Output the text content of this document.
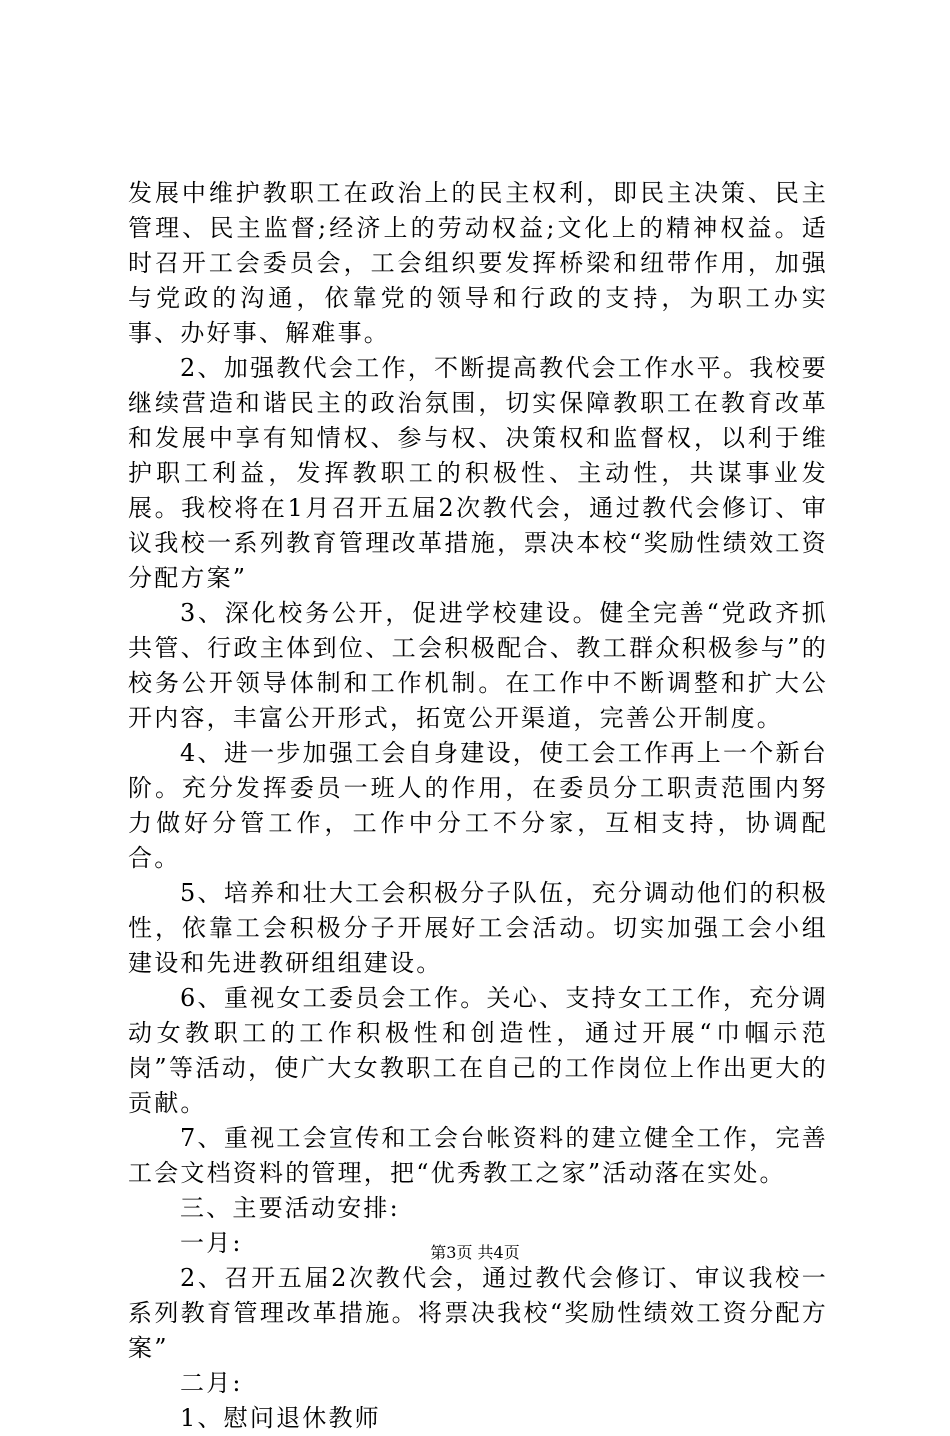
发展中维护教职工在政治上的民主权利，即民主决策、民主管理、民主监督;经济上的劳动权益;文化上的精神权益。适时召开工会委员会，工会组织要发挥桥梁和纽带作用，加强与党政的沟通，依靠党的领导和行政的支持，为职工办实事、办好事、解难事。

2、加强教代会工作，不断提高教代会工作水平。我校要继续营造和谐民主的政治氛围，切实保障教职工在教育改革和发展中享有知情权、参与权、决策权和监督权，以利于维护职工利益，发挥教职工的积极性、主动性，共谋事业发展。我校将在1月召开五届2次教代会，通过教代会修订、审议我校一系列教育管理改革措施，票决本校“奖励性绩效工资分配方案”

3、深化校务公开，促进学校建设。健全完善“党政齐抓共管、行政主体到位、工会积极配合、教工群众积极参与”的校务公开领导体制和工作机制。在工作中不断调整和扩大公开内容，丰富公开形式，拓宽公开渠道，完善公开制度。

4、进一步加强工会自身建设，使工会工作再上一个新台阶。充分发挥委员一班人的作用，在委员分工职责范围内努力做好分管工作，工作中分工不分家，互相支持，协调配合。

5、培养和壮大工会积极分子队伍，充分调动他们的积极性，依靠工会积极分子开展好工会活动。切实加强工会小组建设和先进教研组组建设。

6、重视女工委员会工作。关心、支持女工工作，充分调动女教职工的工作积极性和创造性，通过开展“巾帼示范岗”等活动，使广大女教职工在自己的工作岗位上作出更大的贡献。

7、重视工会宣传和工会台帐资料的建立健全工作，完善工会文档资料的管理，把“优秀教工之家”活动落在实处。

三、主要活动安排:

一月:

2、召开五届2次教代会，通过教代会修订、审议我校一系列教育管理改革措施。将票决我校“奖励性绩效工资分配方案”

二月:

1、慰问退休教师

第3页 共4页
